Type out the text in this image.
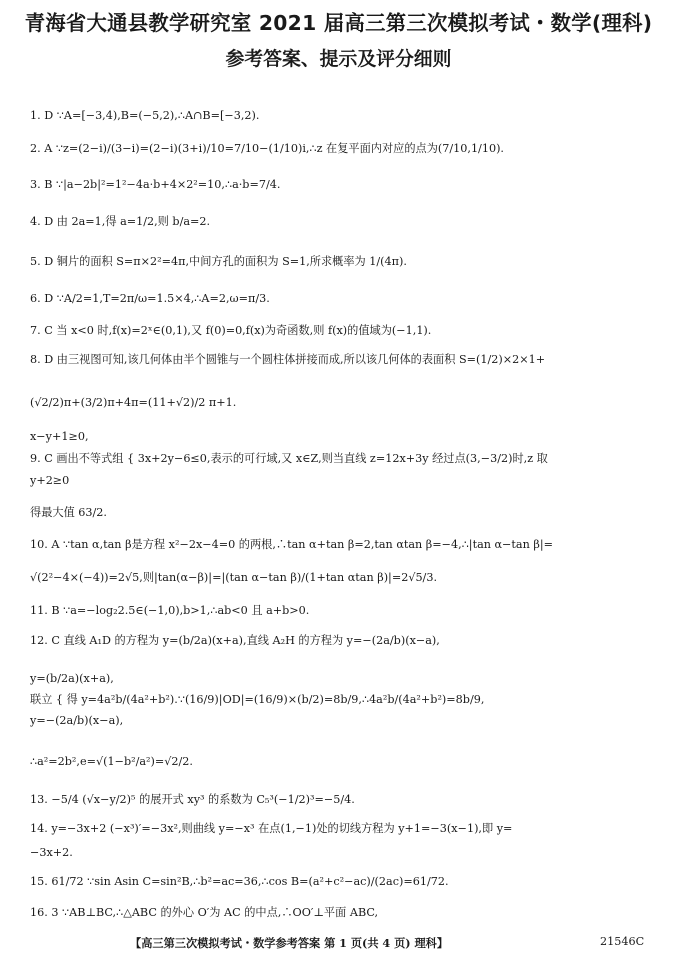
青海省大通县教学研究室 2021 届高三第三次模拟考试・数学(理科)
参考答案、提示及评分细则
1. D ∵A=[−3,4),B=(−5,2),∴A∩B=[−3,2).
2. A ∵z=(2−i)/(3−i)=(2−i)(3+i)/10=7/10−(1/10)i,∴z 在复平面内对应的点为(7/10,1/10).
3. B ∵|a−2b|²=1²−4a·b+4×2²=10,∴a·b=7/4.
4. D 由 2a=1,得 a=1/2,则 b/a=2.
5. D 铜片的面积 S=π×2²=4π,中间方孔的面积为 S=1,所求概率为 1/(4π).
6. D ∵A/2=1,T=2π/ω=1.5×4,∴A=2,ω=π/3.
7. C 当 x<0 时,f(x)=2ˣ∈(0,1),又 f(0)=0,f(x)为奇函数,则 f(x)的值域为(−1,1).
8. D 由三视图可知,该几何体由半个圆锥与一个圆柱体拼接而成,所以该几何体的表面积 S=(1/2)×2×1+
(√2/2)π+(3/2)π+4π=(11+√2)/2 π+1.
x−y+1≥0,
9. C 画出不等式组 { 3x+2y−6≤0,表示的可行域,又 x∈Z,则当直线 z=12x+3y 经过点(3,−3/2)时,z 取
y+2≥0
得最大值 63/2.
10. A ∵tan α,tan β是方程 x²−2x−4=0 的两根,∴tan α+tan β=2,tan αtan β=−4,∴|tan α−tan β|=
√(2²−4×(−4))=2√5,则|tan(α−β)|=|(tan α−tan β)/(1+tan αtan β)|=2√5/3.
11. B ∵a=−log₂2.5∈(−1,0),b>1,∴ab<0 且 a+b>0.
12. C 直线 A₁D 的方程为 y=(b/2a)(x+a),直线 A₂H 的方程为 y=−(2a/b)(x−a),
y=(b/2a)(x+a),
联立 { 得 y=4a²b/(4a²+b²).∵(16/9)|OD|=(16/9)×(b/2)=8b/9,∴4a²b/(4a²+b²)=8b/9,
y=−(2a/b)(x−a),
∴a²=2b²,e=√(1−b²/a²)=√2/2.
13. −5/4 (√x−y/2)⁵ 的展开式 xy³ 的系数为 C₅³(−1/2)³=−5/4.
14. y=−3x+2 (−x³)′=−3x²,则曲线 y=−x³ 在点(1,−1)处的切线方程为 y+1=−3(x−1),即 y=
−3x+2.
15. 61/72 ∵sin Asin C=sin²B,∴b²=ac=36,∴cos B=(a²+c²−ac)/(2ac)=61/72.
16. 3 ∵AB⊥BC,∴△ABC 的外心 O′为 AC 的中点,∴OO′⊥平面 ABC,
【高三第三次模拟考试・数学参考答案 第 1 页(共 4 页) 理科】	21546C
